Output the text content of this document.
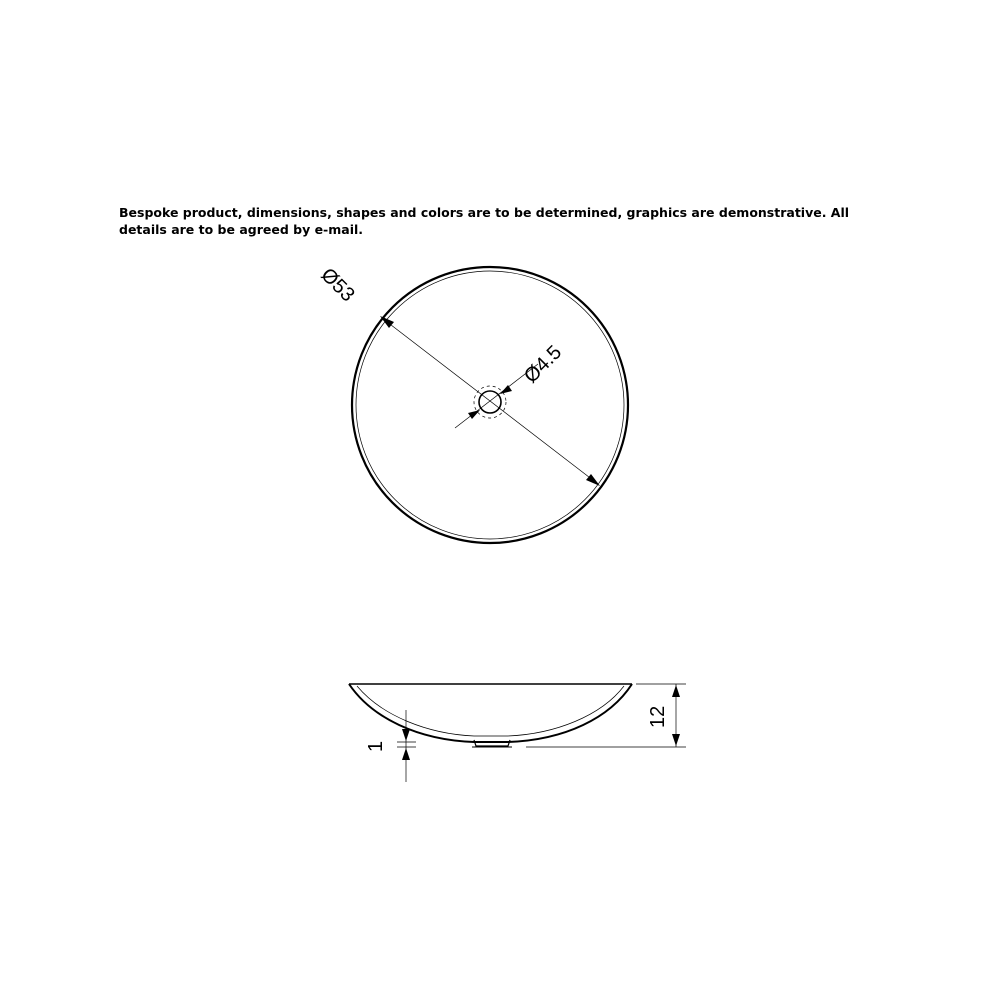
Bespoke product, dimensions, shapes and colors are to be determined, graphics are demonstrative. All details are to be agreed by e-mail.

Ø53
Ø4.5
12
1
